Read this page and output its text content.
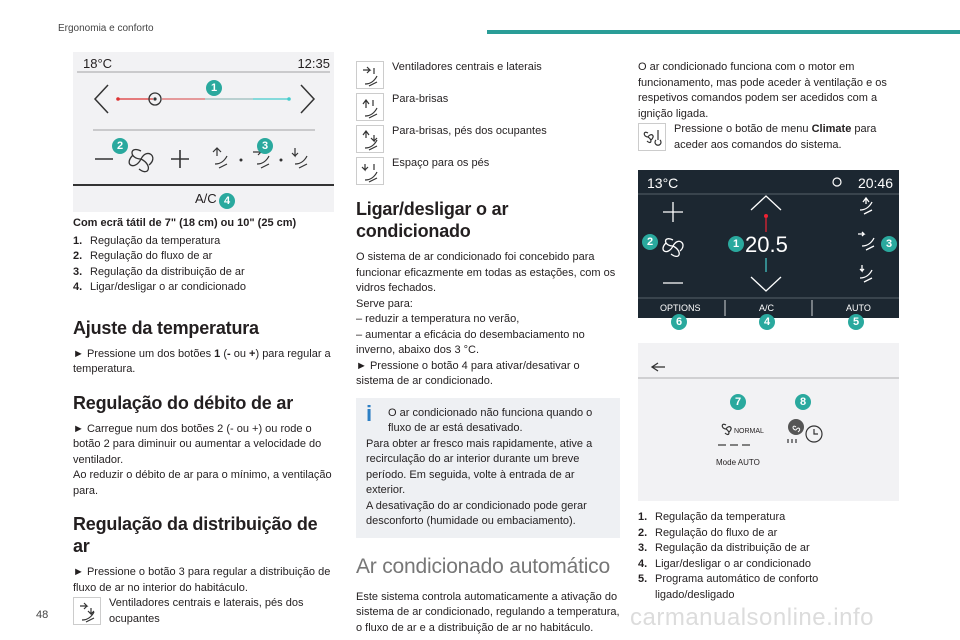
Ergonomia e conforto
18°C	12:35
A/C
1
2	3
4
Com ecrã tátil de 7" (18 cm) ou 10" (25 cm)
1. Regulação da temperatura
2. Regulação do fluxo de ar
3. Regulação da distribuição de ar
4. Ligar/desligar o ar condicionado
Ajuste da temperatura
► Pressione um dos botões 1 (- ou +) para regular a temperatura.
Regulação do débito de ar
► Carregue num dos botões 2 (- ou +) ou rode o botão 2 para diminuir ou aumentar a velocidade do ventilador.
Ao reduzir o débito de ar para o mínimo, a ventilação para.
Regulação da distribuição de ar
► Pressione o botão 3 para regular a distribuição de fluxo de ar no interior do habitáculo.
Ventiladores centrais e laterais, pés dos ocupantes
48
Ventiladores centrais e laterais
Para-brisas
Para-brisas, pés dos ocupantes
Espaço para os pés
Ligar/desligar o ar condicionado
O sistema de ar condicionado foi concebido para funcionar eficazmente em todas as estações, com os vidros fechados.
Serve para:
– reduzir a temperatura no verão,
– aumentar a eficácia do desembaciamento no inverno, abaixo dos 3 °C.
► Pressione o botão 4 para ativar/desativar o sistema de ar condicionado.
i	O ar condicionado não funciona quando o fluxo de ar está desativado.
Para obter ar fresco mais rapidamente, ative a recirculação do ar interior durante um breve período. Em seguida, volte à entrada de ar exterior.
A desativação do ar condicionado pode gerar desconforto (humidade ou embaciamento).
Ar condicionado automático
Este sistema controla automaticamente a ativação do sistema de ar condicionado, regulando a temperatura, o fluxo de ar e a distribuição de ar no habitáculo.
O ar condicionado funciona com o motor em funcionamento, mas pode aceder à ventilação e os respetivos comandos podem ser acedidos com a ignição ligada.
Pressione o botão de menu Climate para aceder aos comandos do sistema.
13°C	20:46
20.5
OPTIONS	A/C	AUTO
2	1	3
6	4	5
NORMAL
Mode AUTO
7	8
1. Regulação da temperatura
2. Regulação do fluxo de ar
3. Regulação da distribuição de ar
4. Ligar/desligar o ar condicionado
5. Programa automático de conforto ligado/desligado
carmanualsonline.info
